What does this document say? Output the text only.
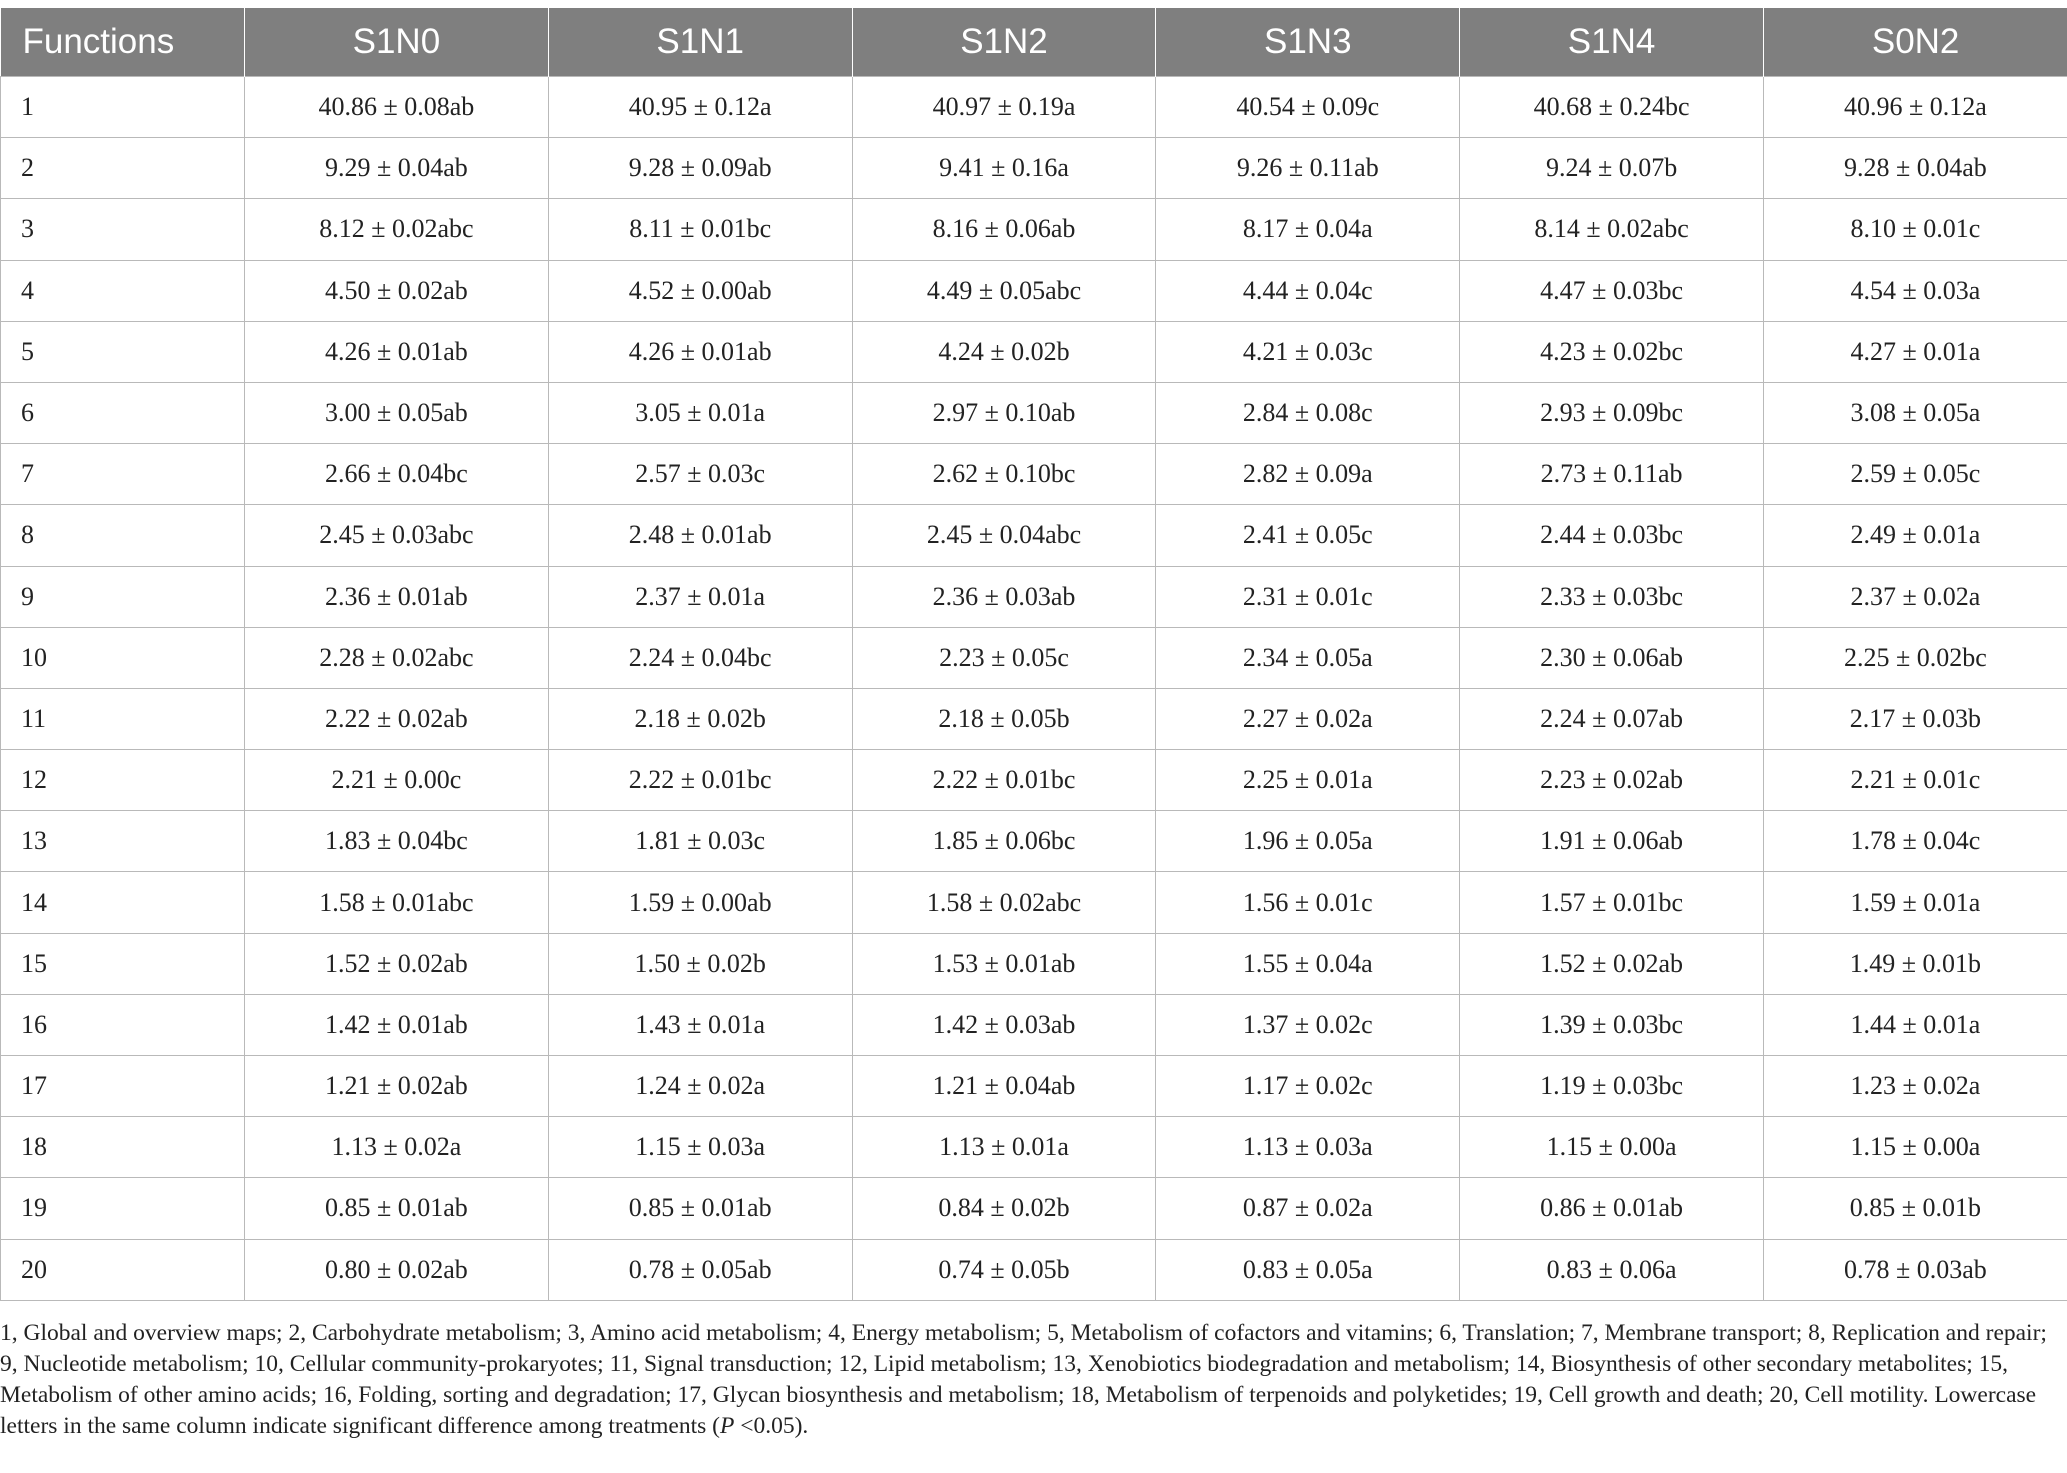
Functions	S1N0	S1N1	S1N2	S1N3	S1N4	S0N2
1	40.86 ± 0.08ab	40.95 ± 0.12a	40.97 ± 0.19a	40.54 ± 0.09c	40.68 ± 0.24bc	40.96 ± 0.12a
2	9.29 ± 0.04ab	9.28 ± 0.09ab	9.41 ± 0.16a	9.26 ± 0.11ab	9.24 ± 0.07b	9.28 ± 0.04ab
3	8.12 ± 0.02abc	8.11 ± 0.01bc	8.16 ± 0.06ab	8.17 ± 0.04a	8.14 ± 0.02abc	8.10 ± 0.01c
4	4.50 ± 0.02ab	4.52 ± 0.00ab	4.49 ± 0.05abc	4.44 ± 0.04c	4.47 ± 0.03bc	4.54 ± 0.03a
5	4.26 ± 0.01ab	4.26 ± 0.01ab	4.24 ± 0.02b	4.21 ± 0.03c	4.23 ± 0.02bc	4.27 ± 0.01a
6	3.00 ± 0.05ab	3.05 ± 0.01a	2.97 ± 0.10ab	2.84 ± 0.08c	2.93 ± 0.09bc	3.08 ± 0.05a
7	2.66 ± 0.04bc	2.57 ± 0.03c	2.62 ± 0.10bc	2.82 ± 0.09a	2.73 ± 0.11ab	2.59 ± 0.05c
8	2.45 ± 0.03abc	2.48 ± 0.01ab	2.45 ± 0.04abc	2.41 ± 0.05c	2.44 ± 0.03bc	2.49 ± 0.01a
9	2.36 ± 0.01ab	2.37 ± 0.01a	2.36 ± 0.03ab	2.31 ± 0.01c	2.33 ± 0.03bc	2.37 ± 0.02a
10	2.28 ± 0.02abc	2.24 ± 0.04bc	2.23 ± 0.05c	2.34 ± 0.05a	2.30 ± 0.06ab	2.25 ± 0.02bc
11	2.22 ± 0.02ab	2.18 ± 0.02b	2.18 ± 0.05b	2.27 ± 0.02a	2.24 ± 0.07ab	2.17 ± 0.03b
12	2.21 ± 0.00c	2.22 ± 0.01bc	2.22 ± 0.01bc	2.25 ± 0.01a	2.23 ± 0.02ab	2.21 ± 0.01c
13	1.83 ± 0.04bc	1.81 ± 0.03c	1.85 ± 0.06bc	1.96 ± 0.05a	1.91 ± 0.06ab	1.78 ± 0.04c
14	1.58 ± 0.01abc	1.59 ± 0.00ab	1.58 ± 0.02abc	1.56 ± 0.01c	1.57 ± 0.01bc	1.59 ± 0.01a
15	1.52 ± 0.02ab	1.50 ± 0.02b	1.53 ± 0.01ab	1.55 ± 0.04a	1.52 ± 0.02ab	1.49 ± 0.01b
16	1.42 ± 0.01ab	1.43 ± 0.01a	1.42 ± 0.03ab	1.37 ± 0.02c	1.39 ± 0.03bc	1.44 ± 0.01a
17	1.21 ± 0.02ab	1.24 ± 0.02a	1.21 ± 0.04ab	1.17 ± 0.02c	1.19 ± 0.03bc	1.23 ± 0.02a
18	1.13 ± 0.02a	1.15 ± 0.03a	1.13 ± 0.01a	1.13 ± 0.03a	1.15 ± 0.00a	1.15 ± 0.00a
19	0.85 ± 0.01ab	0.85 ± 0.01ab	0.84 ± 0.02b	0.87 ± 0.02a	0.86 ± 0.01ab	0.85 ± 0.01b
20	0.80 ± 0.02ab	0.78 ± 0.05ab	0.74 ± 0.05b	0.83 ± 0.05a	0.83 ± 0.06a	0.78 ± 0.03ab

1, Global and overview maps; 2, Carbohydrate metabolism; 3, Amino acid metabolism; 4, Energy metabolism; 5, Metabolism of cofactors and vitamins; 6, Translation; 7, Membrane transport; 8, Replication and repair; 9, Nucleotide metabolism; 10, Cellular community-prokaryotes; 11, Signal transduction; 12, Lipid metabolism; 13, Xenobiotics biodegradation and metabolism; 14, Biosynthesis of other secondary metabolites; 15, Metabolism of other amino acids; 16, Folding, sorting and degradation; 17, Glycan biosynthesis and metabolism; 18, Metabolism of terpenoids and polyketides; 19, Cell growth and death; 20, Cell motility. Lowercase letters in the same column indicate significant difference among treatments (P <0.05).
